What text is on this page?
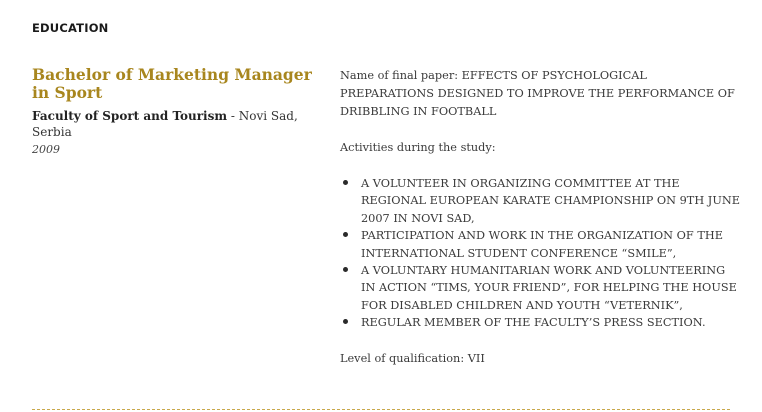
EDUCATION
Bachelor of Marketing Manager in Sport
Faculty of Sport and Tourism - Novi Sad, Serbia
2009

Name of final paper: EFFECTS OF PSYCHOLOGICAL PREPARATIONS DESIGNED TO IMPROVE THE PERFORMANCE OF DRIBBLING IN FOOTBALL

Activities during the study:

A VOLUNTEER IN ORGANIZING COMMITTEE AT THE REGIONAL EUROPEAN KARATE CHAMPIONSHIP ON 9TH JUNE 2007 IN NOVI SAD,
PARTICIPATION AND WORK IN THE ORGANIZATION OF THE INTERNATIONAL STUDENT CONFERENCE “SMILE”,
A VOLUNTARY HUMANITARIAN WORK AND VOLUNTEERING IN ACTION “TIMS, YOUR FRIEND”, FOR HELPING THE HOUSE FOR DISABLED CHILDREN AND YOUTH “VETERNIK”,
REGULAR MEMBER OF THE FACULTY’S PRESS SECTION.

Level of qualification: VII
